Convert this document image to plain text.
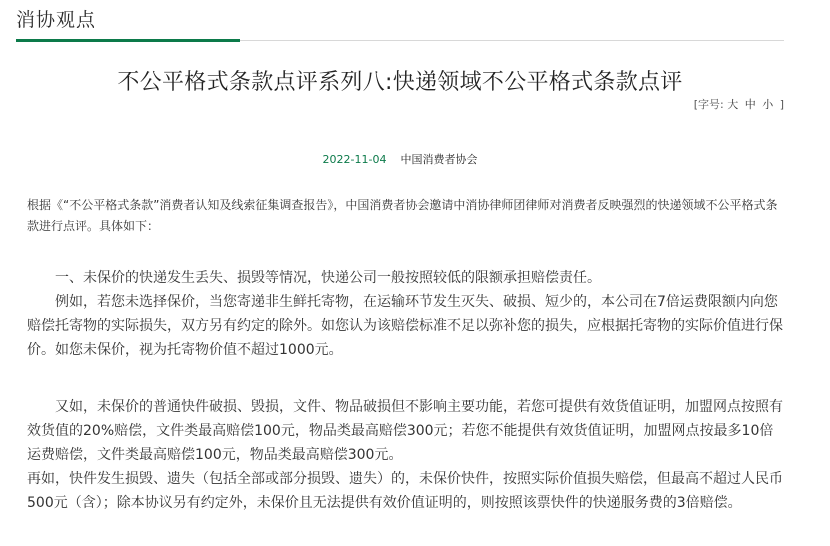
消协观点
不公平格式条款点评系列八:快递领域不公平格式条款点评
[字号: 大 中 小 ]
2022-11-04 中国消费者协会
根据《“不公平格式条款”消费者认知及线索征集调查报告》，中国消费者协会邀请中消协律师团律师对消费者反映强烈的快递领域不公平格式条款进行点评。具体如下：

一、未保价的快递发生丢失、损毁等情况，快递公司一般按照较低的限额承担赔偿责任。

例如，若您未选择保价，当您寄递非生鲜托寄物，在运输环节发生灭失、破损、短少的，本公司在7倍运费限额内向您赔偿托寄物的实际损失，双方另有约定的除外。如您认为该赔偿标准不足以弥补您的损失，应根据托寄物的实际价值进行保价。如您未保价，视为托寄物价值不超过1000元。

又如，未保价的普通快件破损、毁损，文件、物品破损但不影响主要功能，若您可提供有效货值证明，加盟网点按照有效货值的20%赔偿，文件类最高赔偿100元，物品类最高赔偿300元；若您不能提供有效货值证明，加盟网点按最多10倍运费赔偿，文件类最高赔偿100元，物品类最高赔偿300元。

再如，快件发生损毁、遗失（包括全部或部分损毁、遗失）的，未保价快件，按照实际价值损失赔偿，但最高不超过人民币500元（含）；除本协议另有约定外，未保价且无法提供有效价值证明的，则按照该票快件的快递服务费的3倍赔偿。
